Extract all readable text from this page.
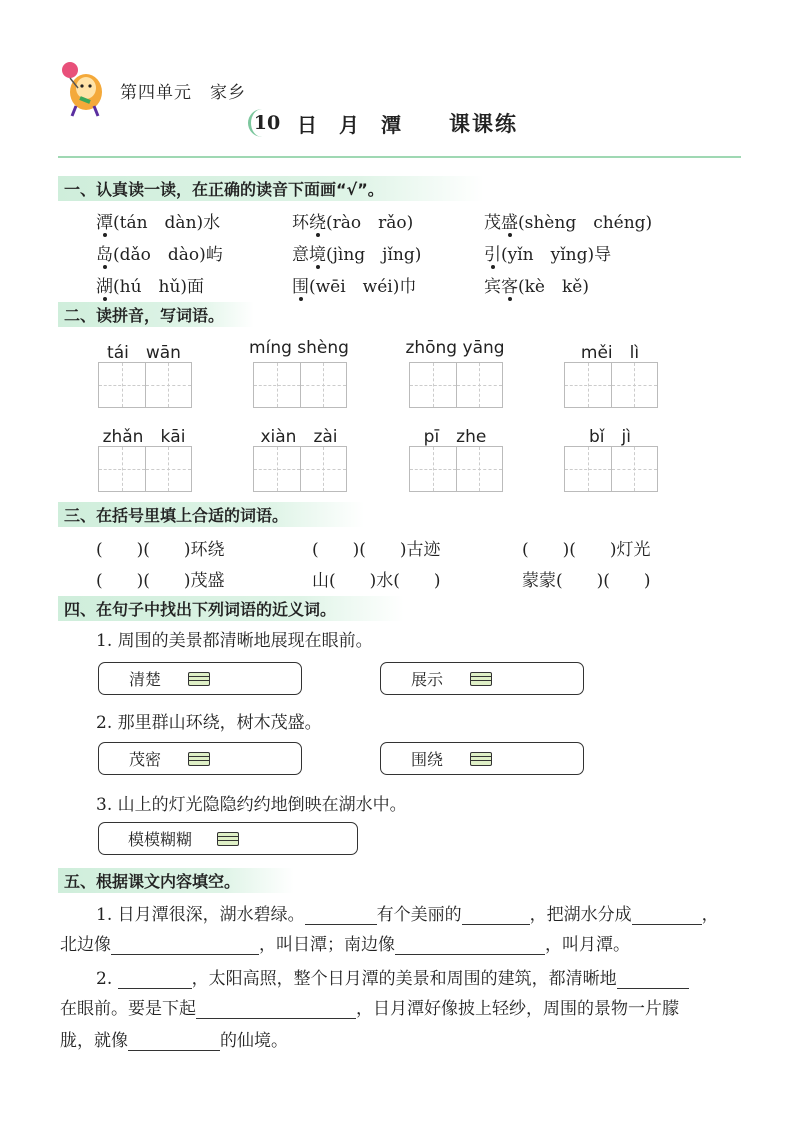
第四单元 家乡
10 日月潭 课课练
一、认真读一读，在正确的读音下面画“√”。
潭(tán　dàn)水	环绕(rào　rǎo)	茂盛(shèng　chéng)
岛(dǎo　dào)屿	意境(jìng　jǐng)	引(yǐn　yǐng)导
湖(hú　hǔ)面	围(wēi　wéi)巾	宾客(kè　kě)
二、读拼音，写词语。
tái　wān	míng shèng	zhōng yāng	měi　lì
zhǎn　kāi	xiàn　zài	pī　zhe	bǐ　jì
三、在括号里填上合适的词语。
(　　)(　　)环绕	(　　)(　　)古迹	(　　)(　　)灯光
(　　)(　　)茂盛	山(　　)水(　　)	蒙蒙(　　)(　　)
四、在句子中找出下列词语的近义词。
1. 周围的美景都清晰地展现在眼前。
2. 那里群山环绕，树木茂盛。
3. 山上的灯光隐隐约约地倒映在湖水中。
清楚	展示
茂密	围绕
模模糊糊
五、根据课文内容填空。
1. 日月潭很深，湖水碧绿。	有个美丽的	，把湖水分成	，
北边像	，叫日潭；南边像	，叫月潭。
2.	，太阳高照，整个日月潭的美景和周围的建筑，都清晰地
在眼前。要是下起	，日月潭好像披上轻纱，周围的景物一片朦
胧，就像	的仙境。
